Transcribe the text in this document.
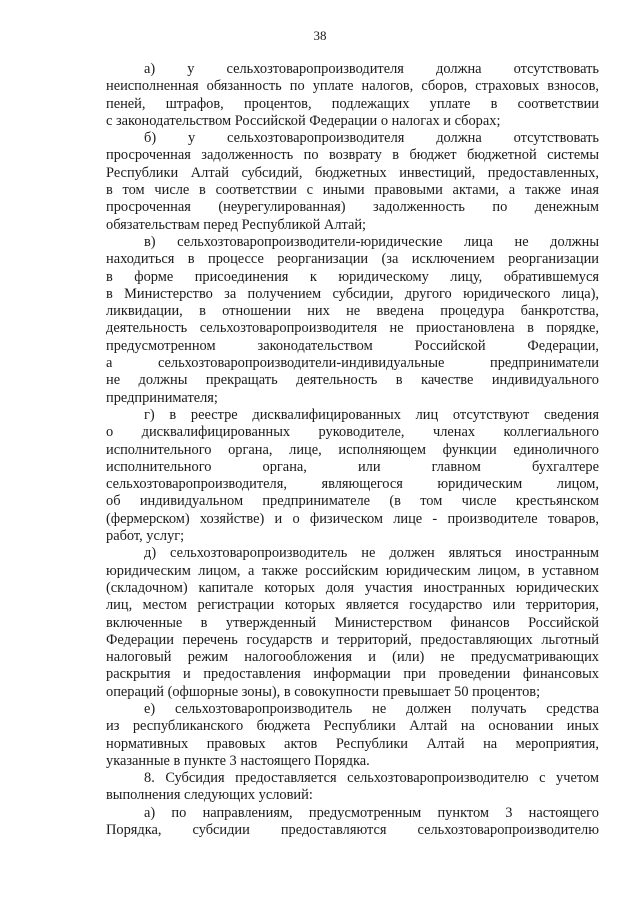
38
а) у сельхозтоваропроизводителя должна отсутствовать
неисполненная обязанность по уплате налогов, сборов, страховых взносов,
пеней, штрафов, процентов, подлежащих уплате в соответствии
с законодательством Российской Федерации о налогах и сборах;
б) у сельхозтоваропроизводителя должна отсутствовать
просроченная задолженность по возврату в бюджет бюджетной системы
Республики Алтай субсидий, бюджетных инвестиций, предоставленных,
в том числе в соответствии с иными правовыми актами, а также иная
просроченная (неурегулированная) задолженность по денежным
обязательствам перед Республикой Алтай;
в) сельхозтоваропроизводители-юридические лица не должны
находиться в процессе реорганизации (за исключением реорганизации
в форме присоединения к юридическому лицу, обратившемуся
в Министерство за получением субсидии, другого юридического лица),
ликвидации, в отношении них не введена процедура банкротства,
деятельность сельхозтоваропроизводителя не приостановлена в порядке,
предусмотренном законодательством Российской Федерации,
а сельхозтоваропроизводители-индивидуальные предприниматели
не должны прекращать деятельность в качестве индивидуального
предпринимателя;
г) в реестре дисквалифицированных лиц отсутствуют сведения
о дисквалифицированных руководителе, членах коллегиального
исполнительного органа, лице, исполняющем функции единоличного
исполнительного органа, или главном бухгалтере
сельхозтоваропроизводителя, являющегося юридическим лицом,
об индивидуальном предпринимателе (в том числе крестьянском
(фермерском) хозяйстве) и о физическом лице - производителе товаров,
работ, услуг;
д) сельхозтоваропроизводитель не должен являться иностранным
юридическим лицом, а также российским юридическим лицом, в уставном
(складочном) капитале которых доля участия иностранных юридических
лиц, местом регистрации которых является государство или территория,
включенные в утвержденный Министерством финансов Российской
Федерации перечень государств и территорий, предоставляющих льготный
налоговый режим налогообложения и (или) не предусматривающих
раскрытия и предоставления информации при проведении финансовых
операций (офшорные зоны), в совокупности превышает 50 процентов;
е) сельхозтоваропроизводитель не должен получать средства
из республиканского бюджета Республики Алтай на основании иных
нормативных правовых актов Республики Алтай на мероприятия,
указанные в пункте 3 настоящего Порядка.
8. Субсидия предоставляется сельхозтоваропроизводителю с учетом
выполнения следующих условий:
а) по направлениям, предусмотренным пунктом 3 настоящего
Порядка, субсидии предоставляются сельхозтоваропроизводителю
